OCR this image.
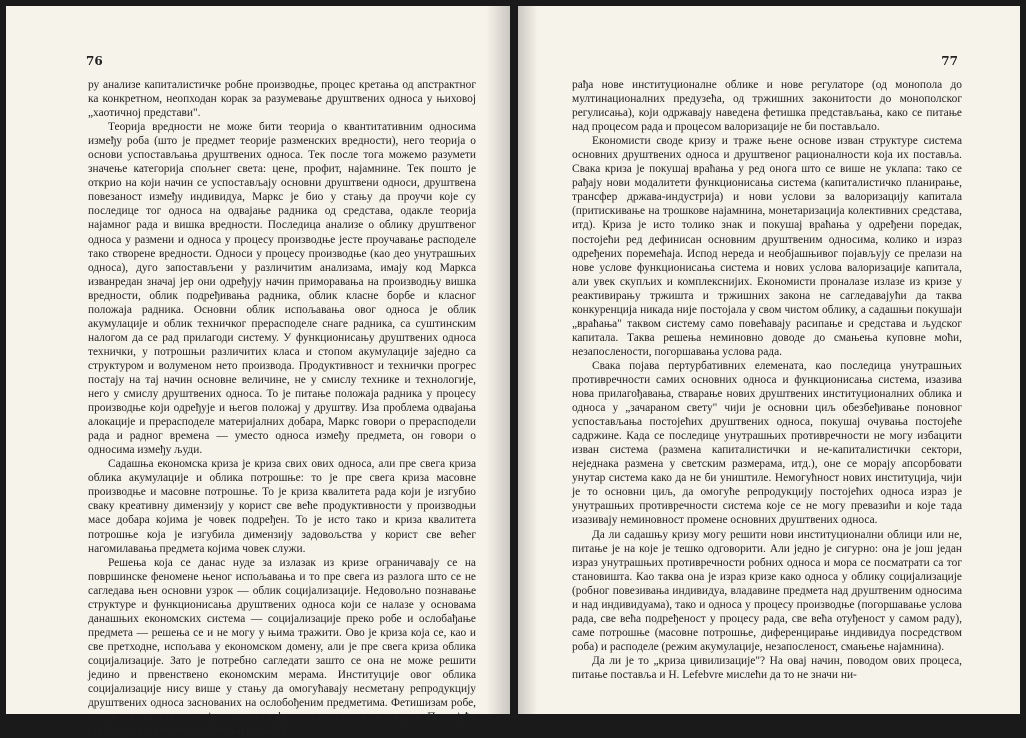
76

ру анализе капиталистичке робне производње, процес кретања од апстрактног ка конкретном, неопходан корак за разумевање друштвених односа у њиховој „хаотичној представи".

Теорија вредности не може бити теорија о квантитативним односима између роба (што је предмет теорије разменских вредности), него теорија о основи успостављања друштвених односа. Тек после тога можемо разумети значење категорија спољнег света: цене, профит, најамнине. Тек пошто је открио на који начин се успостављају основни друштвени односи, друштвена повезаност између индивидуа, Маркс је био у стању да проучи које су последице тог односа на одвајање радника од средстава, одакле теорија најамног рада и вишка вредности. Последица анализе о облику друштвеног односа у размени и односа у процесу производње јесте проучавање расподеле тако створене вредности. Односи у процесу производње (као део унутрашњих односа), дуго запостављени у различитим анализама, имају код Маркса изванредан значај јер они одређују начин приморавања на производњу вишка вредности, облик подређивања радника, облик класне борбе и класног положаја радника. Основни облик испољавања овог односа је облик акумулације и облик техничког прерасподеле снаге радника, са суштинским налогом да се рад прилагоди систему. У функционисању друштвених односа технички, у потрошњи различитих класа и стопом акумулације заједно са структуром и волуменом нето производа. Продуктивност и технички прогрес постају на тај начин основне величине, не у смислу технике и технологије, него у смислу друштвених односа. То је питање положаја радника у процесу производње који одређује и његов положај у друштву. Иза проблема одвајања алокације и прерасподеле материјалних добара, Маркс говори о прерасподели рада и радног времена — уместо односа између предмета, он говори о односима између људи.

Садашња економска криза је криза свих ових односа, али пре свега криза облика акумулације и облика потрошње: то је пре свега криза масовне производње и масовне потрошње. То је криза квалитета рада који је изгубио сваку креативну димензију у корист све веће продуктивности у производњи масе добара којима је човек подређен. То је исто тако и криза квалитета потрошње која је изгубила димензију задовољства у корист све већег нагомилавања предмета којима човек служи.

Решења која се данас нуде за излазак из кризе ограничавају се на површинске феномене њеног испољавања и то пре свега из разлога што се не сагледава њен основни узрок — облик социјализације. Недовољно познавање структуре и функционисања друштвених односа који се налазе у основама данашњих економских система — социјализације преко робе и ослобађање предмета — решења се и не могу у њима тражити. Ово је криза која се, као и све претходне, испољава у економском домену, али је пре свега криза облика социјализације. Зато је потребно сагледати зашто се она не може решити једино и првенствено економским мерама. Институције овог облика социјализације нису више у стању да омогућавају несметану репродукцију друштвених односа заснованих на ослобођеним предметима. Фетишизам робе, новца и капитала тесно је повезан са фетишизмом технике и науке. Постојећа структура (скривени друштвени односи)

77

рађа нове институционалне облике и нове регулаторе (од монопола до мултинационалних предузећа, од тржишних законитости до монополског регулисања), који одржавају наведена фетишка представљања, како се питање над процесом рада и процесом валоризације не би постављало.

Економисти своде кризу и траже њене основе изван структуре система основних друштвених односа и друштвеног рационалности која их поставља. Свака криза је покушај враћања у ред оногa што се више не уклапа: тако се рађају нови модалитети функционисања система (капиталистичко планирање, трансфер држава-индустрија) и нови услови за валоризацију капитала (притискивање на трошкове најамнина, монетаризација колективних средстава, итд). Криза је исто толико знак и покушај враћања у одређени поредак, постојећи ред дефинисан основним друштвеним односима, колико и израз одређених поремећаја. Испод нереда и необјашњивог појављују се прелази на нове услове функционисања система и нових услова валоризације капитала, али увек скупљих и комплекснијих. Економисти проналазе излазе из кризе у реактивирању тржишта и тржишних закона не сагледавајући да таква конкуренција никада није постојала у свом чистом облику, а садашњи покушаји „враћања" таквом систему само повећавају расипање и средстава и људског капитала. Таква решења неминовно доводе до смањења куповне моћи, незапослености, погоршавања услова рада.

Свака појава пертурбативних елемената, као последица унутрашњих противречности самих основних односа и функционисања система, изазива нова прилагођавања, стварање нових друштвених институционалних облика и односа у „зачараном свету" чији је основни циљ обезбеђивање поновног успостављања постојећих друштвених односа, покушај очувања постојеће садржине. Када се последице унутрашњих противречности не могу избацити изван система (размена капиталистички и не-капиталистички сектори, неједнака размена у светским размерама, итд.), оне се морају апсорбовати унутар система како да не би уништиле. Немогућност нових институција, чији је то основни циљ, да омогуће репродукцију постојећих односа израз је унутрашњих противречности система које се не могу превазићи и које тада изазивају неминовност промене основних друштвених односа.

Да ли садашњу кризу могу решити нови институционални облици или не, питање је на које је тешко одговорити. Али једно је сигурно: она је још један израз унутрашњих противречности робних односа и мора се посматрати са тог становишта. Као таква она је израз кризе како односа у облику социјализације (робног повезивања индивидуа, владавине предмета над друштвеним односима и над индивидуама), тако и односа у процесу производње (погоршавање услова рада, све већа подређеност у процесу рада, све већа отуђеност у самом раду), саме потрошње (масовне потрошње, диференцирање индивидуа посредством роба) и расподеле (режим акумулације, незапосленост, смањење најамнина).

Да ли је то „криза цивилизације"? На овај начин, поводом ових процеса, питање поставља и Н. Lefebvre мислећи да то не значи ни-
